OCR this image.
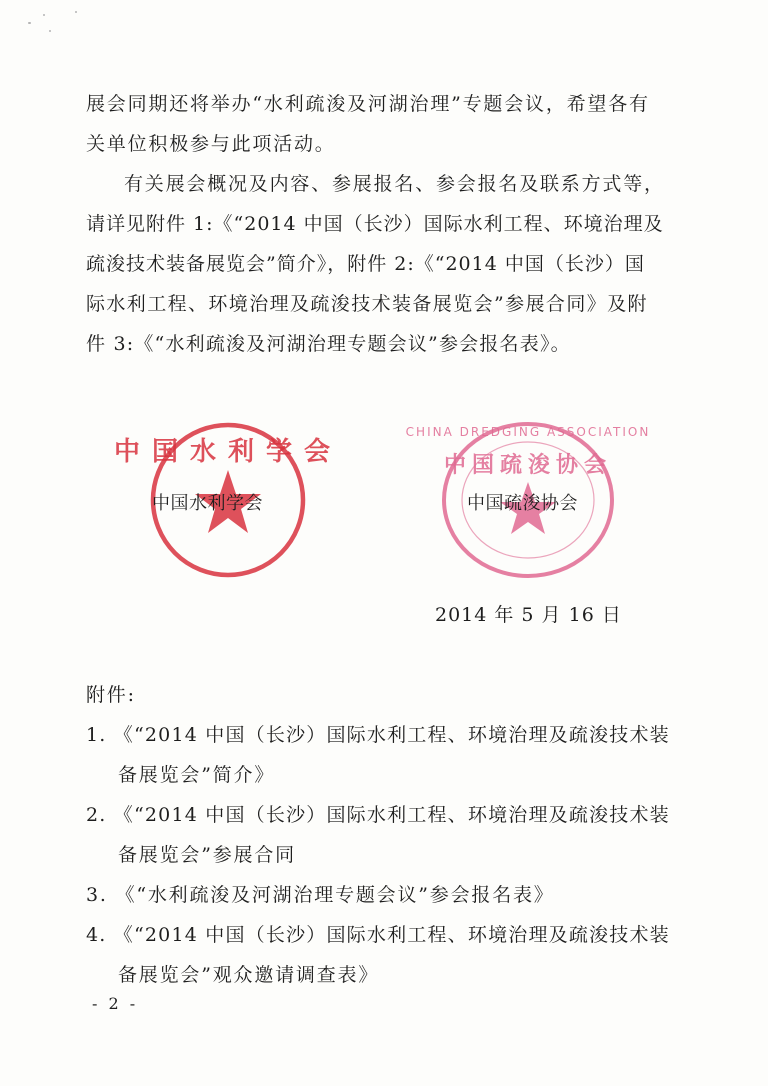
展会同期还将举办“水利疏浚及河湖治理”专题会议，希望各有
关单位积极参与此项活动。
有关展会概况及内容、参展报名、参会报名及联系方式等，
请详见附件 1:《“2014 中国（长沙）国际水利工程、环境治理及
疏浚技术装备展览会”简介》，附件 2:《“2014 中国（长沙）国
际水利工程、环境治理及疏浚技术装备展览会”参展合同》及附
件 3:《“水利疏浚及河湖治理专题会议”参会报名表》。
中国水利学会
CHINA DREDGING ASSOCIATION
中国疏浚协会
中国水利学会	中国疏浚协会
2014 年 5 月 16 日
附件:
1. 《“2014 中国（长沙）国际水利工程、环境治理及疏浚技术装
备展览会”简介》
2. 《“2014 中国（长沙）国际水利工程、环境治理及疏浚技术装
备展览会”参展合同
3. 《“水利疏浚及河湖治理专题会议”参会报名表》
4. 《“2014 中国（长沙）国际水利工程、环境治理及疏浚技术装
备展览会”观众邀请调查表》
- 2 -
